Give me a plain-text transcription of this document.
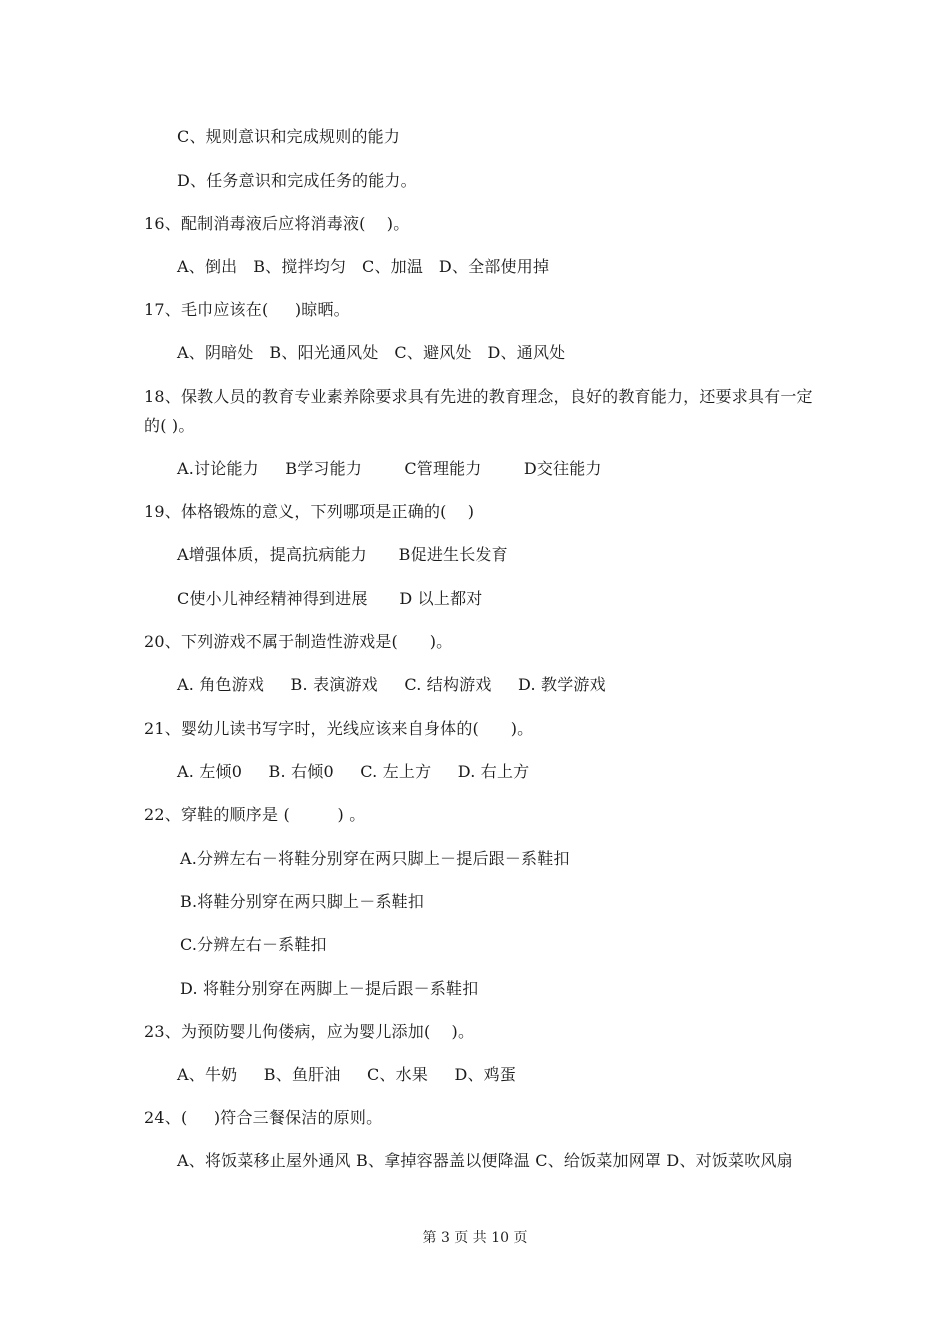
C、规则意识和完成规则的能力
D、任务意识和完成任务的能力。
16、配制消毒液后应将消毒液(    )。
A、倒出   B、搅拌均匀   C、加温   D、全部使用掉
17、毛巾应该在(     )晾晒。
A、阴暗处   B、阳光通风处   C、避风处   D、通风处
18、保教人员的教育专业素养除要求具有先进的教育理念，良好的教育能力，还要求具有一定的( )。
A.讨论能力     B学习能力        C管理能力        D交往能力
19、体格锻炼的意义，下列哪项是正确的(    )
A增强体质，提高抗病能力      B促进生长发育
C使小儿神经精神得到进展      D 以上都对
20、下列游戏不属于制造性游戏是(      )。
A. 角色游戏     B. 表演游戏     C. 结构游戏     D. 教学游戏
21、婴幼儿读书写字时，光线应该来自身体的(      )。
A. 左倾0     B. 右倾0     C. 左上方     D. 右上方
22、穿鞋的顺序是 (         ) 。
A.分辨左右－将鞋分别穿在两只脚上－提后跟－系鞋扣
B.将鞋分别穿在两只脚上－系鞋扣
C.分辨左右－系鞋扣
D. 将鞋分别穿在两脚上－提后跟－系鞋扣
23、为预防婴儿佝偻病，应为婴儿添加(    )。
A、牛奶     B、鱼肝油     C、水果     D、鸡蛋
24、(     )符合三餐保洁的原则。
A、将饭菜移止屋外通风 B、拿掉容器盖以便降温 C、给饭菜加网罩 D、对饭菜吹风扇
第 3 页 共 10 页
